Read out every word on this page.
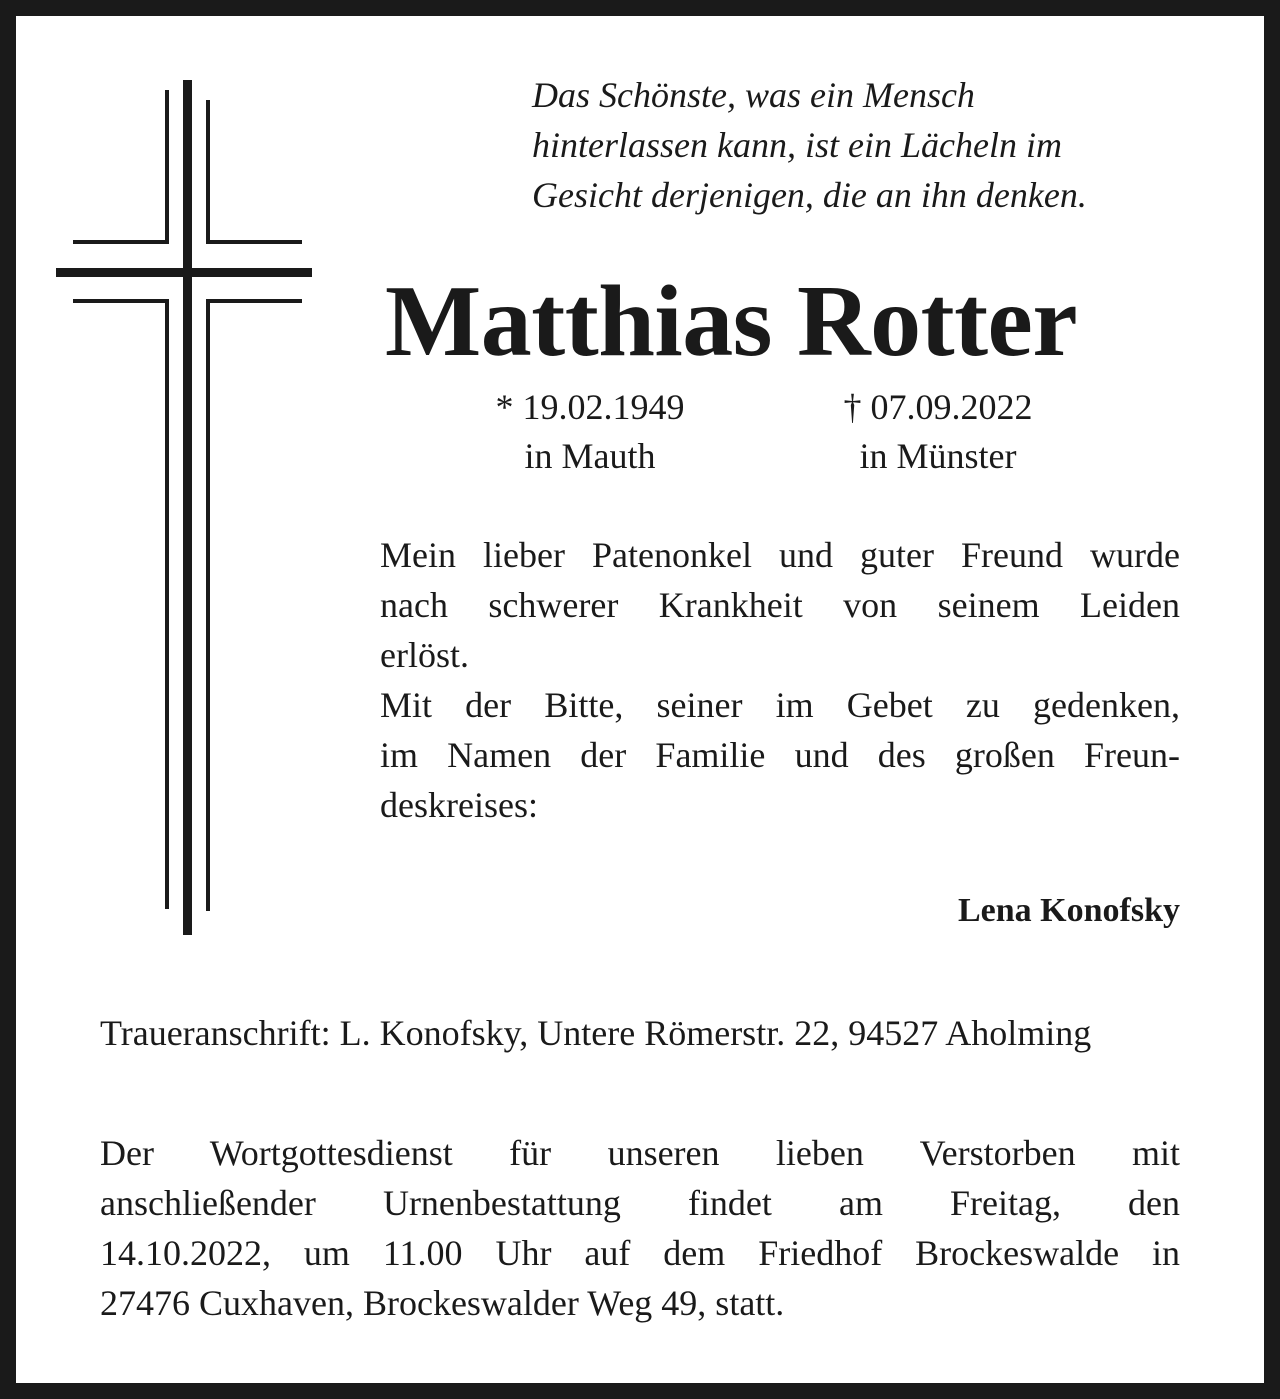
Das Schönste, was ein Mensch
hinterlassen kann, ist ein Lächeln im
Gesicht derjenigen, die an ihn denken.
Matthias Rotter
* 19.02.1949
in Mauth
† 07.09.2022
in Münster
Mein lieber Patenonkel und guter Freund wurde
nach schwerer Krankheit von seinem Leiden
erlöst.
Mit der Bitte, seiner im Gebet zu gedenken,
im Namen der Familie und des großen Freun-
deskreises:
Lena Konofsky
Traueranschrift: L. Konofsky, Untere Römerstr. 22, 94527 Aholming
Der Wortgottesdienst für unseren lieben Verstorben mit
anschließender Urnenbestattung findet am Freitag, den
14.10.2022, um 11.00 Uhr auf dem Friedhof Brockeswalde in
27476 Cuxhaven, Brockeswalder Weg 49, statt.
